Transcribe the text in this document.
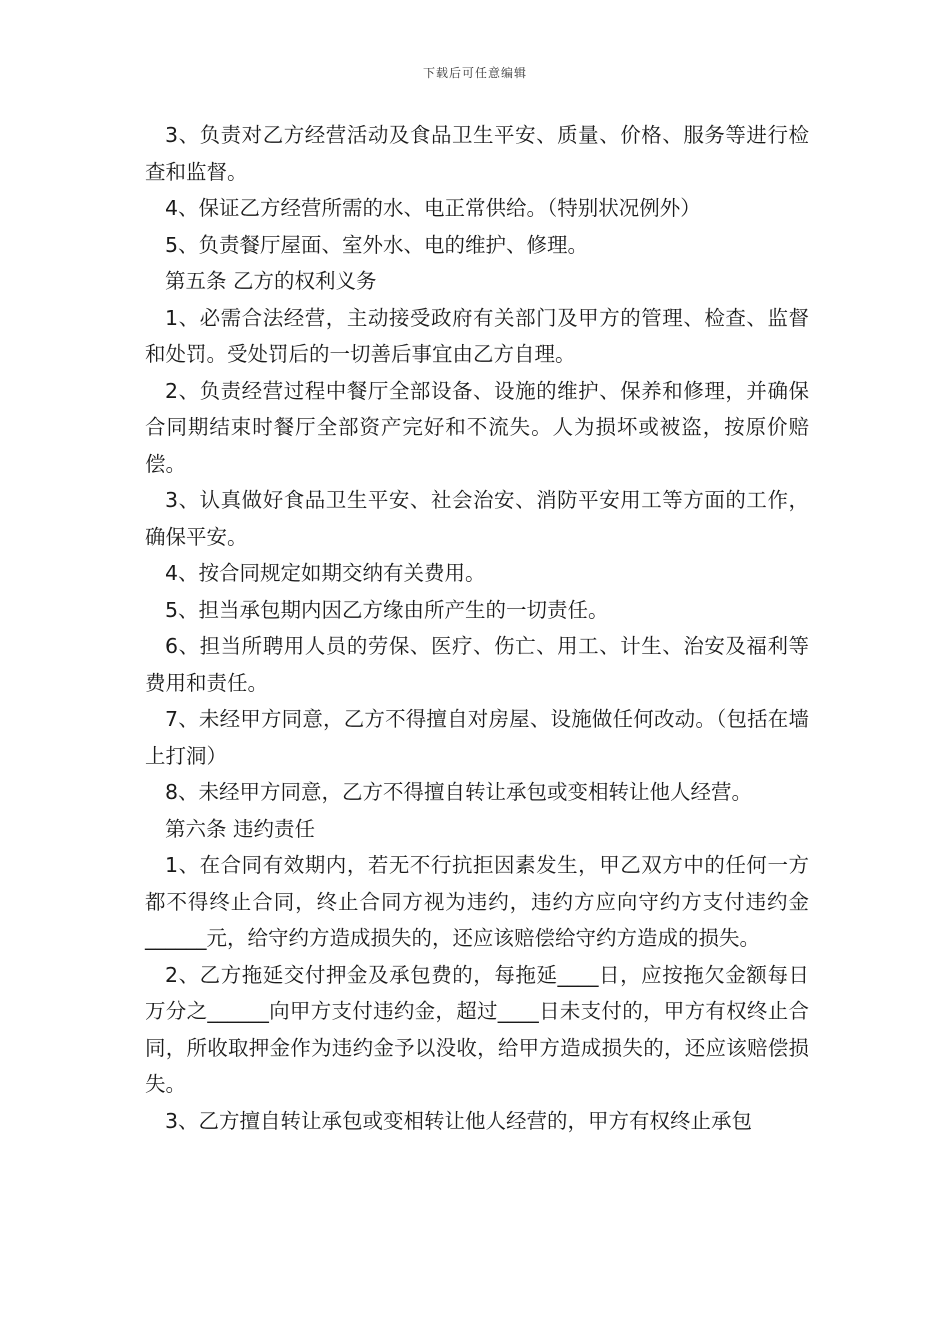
下载后可任意编辑

3、负责对乙方经营活动及食品卫生平安、质量、价格、服务等进行检查和监督。

4、保证乙方经营所需的水、电正常供给。（特别状况例外）

5、负责餐厅屋面、室外水、电的维护、修理。

第五条 乙方的权利义务

1、必需合法经营，主动接受政府有关部门及甲方的管理、检查、监督和处罚。受处罚后的一切善后事宜由乙方自理。

2、负责经营过程中餐厅全部设备、设施的维护、保养和修理，并确保合同期结束时餐厅全部资产完好和不流失。人为损坏或被盗，按原价赔偿。

3、认真做好食品卫生平安、社会治安、消防平安用工等方面的工作，确保平安。

4、按合同规定如期交纳有关费用。

5、担当承包期内因乙方缘由所产生的一切责任。

6、担当所聘用人员的劳保、医疗、伤亡、用工、计生、治安及福利等费用和责任。

7、未经甲方同意，乙方不得擅自对房屋、设施做任何改动。（包括在墙上打洞）

8、未经甲方同意，乙方不得擅自转让承包或变相转让他人经营。

第六条 违约责任

1、在合同有效期内，若无不行抗拒因素发生，甲乙双方中的任何一方都不得终止合同，终止合同方视为违约，违约方应向守约方支付违约金______元，给守约方造成损失的，还应该赔偿给守约方造成的损失。

2、乙方拖延交付押金及承包费的，每拖延____日，应按拖欠金额每日万分之______向甲方支付违约金，超过____日未支付的，甲方有权终止合同，所收取押金作为违约金予以没收，给甲方造成损失的，还应该赔偿损失。

3、乙方擅自转让承包或变相转让他人经营的，甲方有权终止承包
